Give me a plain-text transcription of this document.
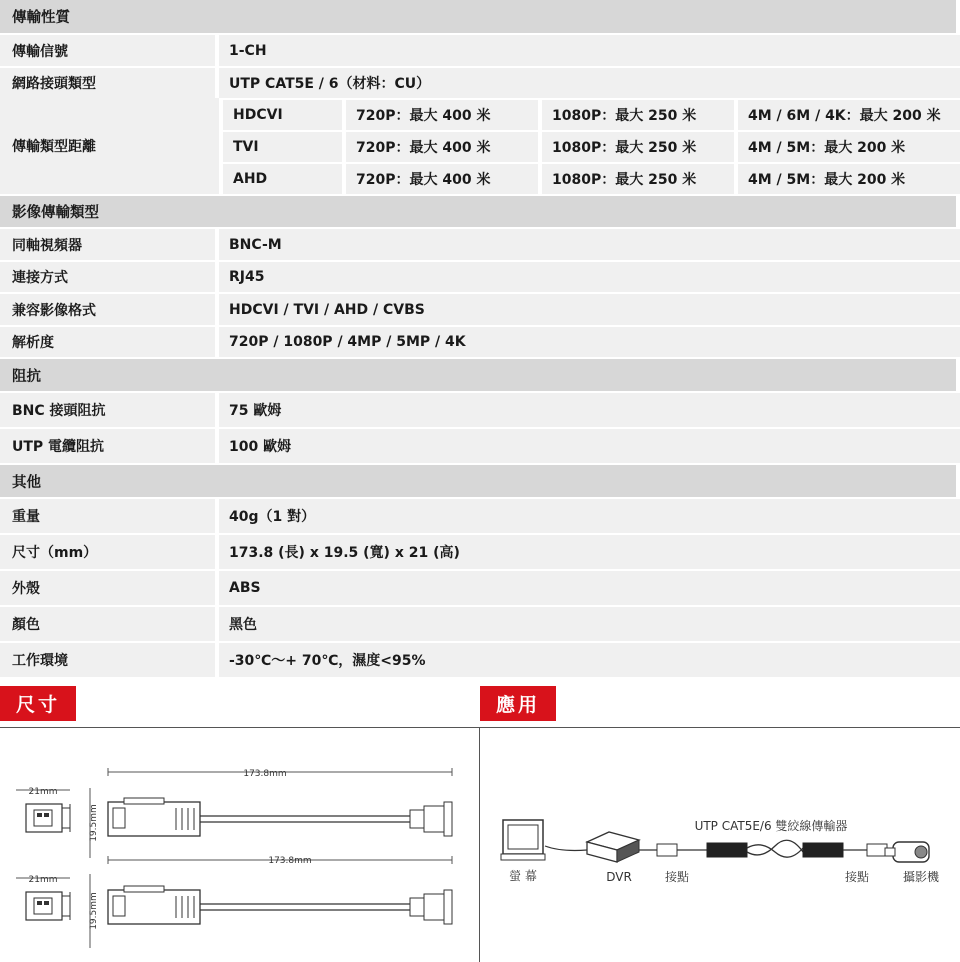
傳輸性質
傳輸信號	1-CH
網路接頭類型	UTP CAT5E / 6（材料：CU）
傳輸類型距離
HDCVI	720P：最大 400 米	1080P：最大 250 米	4M / 6M / 4K：最大 200 米
TVI	720P：最大 400 米	1080P：最大 250 米	4M / 5M：最大 200 米
AHD	720P：最大 400 米	1080P：最大 250 米	4M / 5M：最大 200 米
影像傳輸類型
同軸視頻器	BNC-M
連接方式	RJ45
兼容影像格式	HDCVI / TVI / AHD / CVBS
解析度	720P / 1080P / 4MP / 5MP / 4K
阻抗
BNC 接頭阻抗	75 歐姆
UTP 電纜阻抗	100 歐姆
其他
重量	40g（1 對）
尺寸（mm）	173.8 (長) x 19.5 (寬) x 21 (高)
外殼	ABS
顏色	黑色
工作環境	-30℃～+ 70℃，濕度<95%
尺寸	應用
173.8mm
21mm
19.5mm
173.8mm
21mm
19.5mm
UTP CAT5E/6 雙絞線傳輸器
螢 幕	DVR	接點	接點	攝影機
